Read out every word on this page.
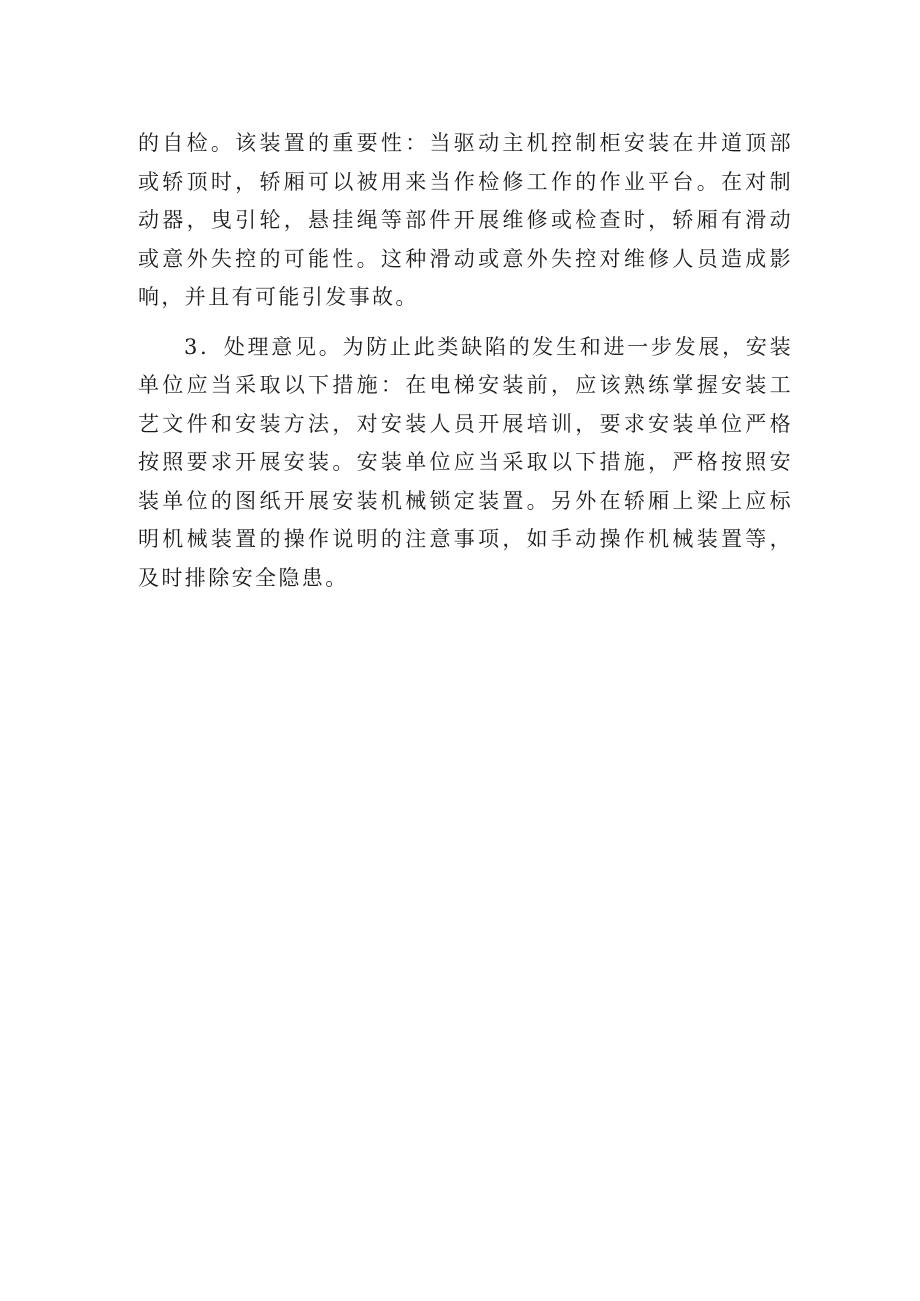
的自检。该装置的重要性：当驱动主机控制柜安装在井道顶部或轿顶时，轿厢可以被用来当作检修工作的作业平台。在对制动器，曳引轮，悬挂绳等部件开展维修或检查时，轿厢有滑动或意外失控的可能性。这种滑动或意外失控对维修人员造成影响，并且有可能引发事故。

3．处理意见。为防止此类缺陷的发生和进一步发展，安装单位应当采取以下措施：在电梯安装前，应该熟练掌握安装工艺文件和安装方法，对安装人员开展培训，要求安装单位严格按照要求开展安装。安装单位应当采取以下措施，严格按照安装单位的图纸开展安装机械锁定装置。另外在轿厢上梁上应标明机械装置的操作说明的注意事项，如手动操作机械装置等，及时排除安全隐患。
